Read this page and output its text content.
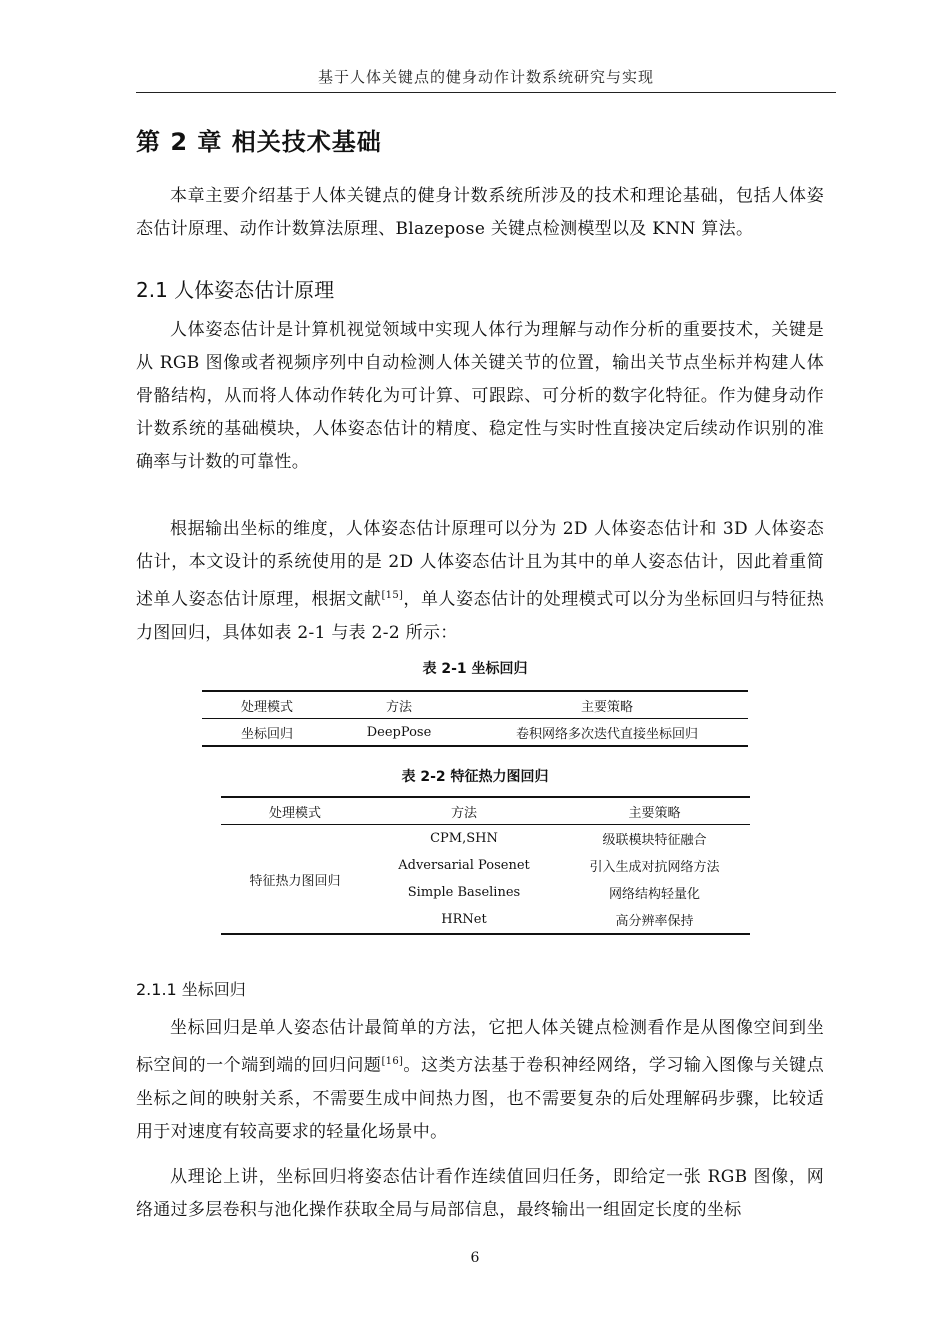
基于人体关键点的健身动作计数系统研究与实现
第 2 章 相关技术基础

本章主要介绍基于人体关键点的健身计数系统所涉及的技术和理论基础，包括人体姿态估计原理、动作计数算法原理、Blazepose 关键点检测模型以及 KNN 算法。

2.1 人体姿态估计原理

人体姿态估计是计算机视觉领域中实现人体行为理解与动作分析的重要技术，关键是从 RGB 图像或者视频序列中自动检测人体关键关节的位置，输出关节点坐标并构建人体骨骼结构，从而将人体动作转化为可计算、可跟踪、可分析的数字化特征。作为健身动作计数系统的基础模块，人体姿态估计的精度、稳定性与实时性直接决定后续动作识别的准确率与计数的可靠性。

根据输出坐标的维度，人体姿态估计原理可以分为 2D 人体姿态估计和 3D 人体姿态估计，本文设计的系统使用的是 2D 人体姿态估计且为其中的单人姿态估计，因此着重简述单人姿态估计原理，根据文献[15]，单人姿态估计的处理模式可以分为坐标回归与特征热力图回归，具体如表 2-1 与表 2-2 所示：

表 2-1 坐标回归
处理模式	方法	主要策略
坐标回归	DeepPose	卷积网络多次迭代直接坐标回归
表 2-2 特征热力图回归
处理模式	方法	主要策略
特征热力图回归	CPM,SHN	级联模块特征融合
	Adversarial Posenet	引入生成对抗网络方法
	Simple Baselines	网络结构轻量化
	HRNet	高分辨率保持
2.1.1 坐标回归

坐标回归是单人姿态估计最简单的方法，它把人体关键点检测看作是从图像空间到坐标空间的一个端到端的回归问题[16]。这类方法基于卷积神经网络，学习输入图像与关键点坐标之间的映射关系，不需要生成中间热力图，也不需要复杂的后处理解码步骤，比较适用于对速度有较高要求的轻量化场景中。

从理论上讲，坐标回归将姿态估计看作连续值回归任务，即给定一张 RGB 图像，网络通过多层卷积与池化操作获取全局与局部信息，最终输出一组固定长度的坐标

6
